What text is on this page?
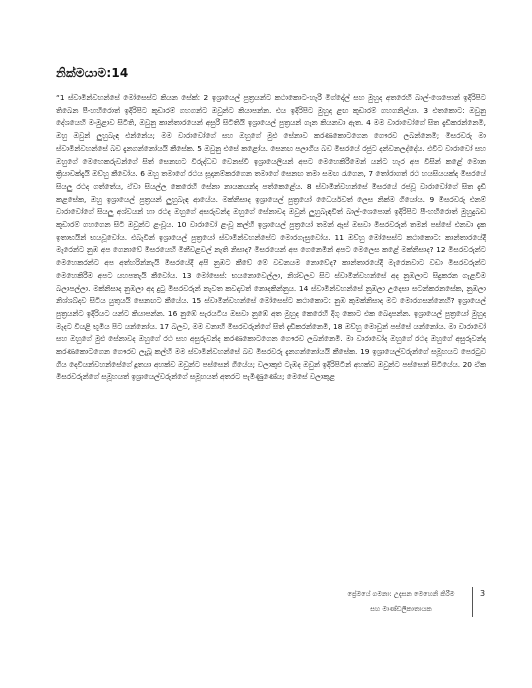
නික්මයාම:14
“1 ස්වාමින්වහන්සේ මෝසෙස්ට කියන සේක්: 2 ඉශ්‍රායෙල් පුත්‍රයන්ට කථාකොට-හැරී මිග්දෝල් සහ මුහුද අතරෙහි බාල්-ශෙපොන් ඉදිරිපිට තිබෙන පී-හහිරොත් ඉදිරිපිට කූඩාරම් ගහගන්ට ඔවුන්ට කියාපන්න. එය ඉදිරිපිට මුහුද ළඟ කූඩාරම් ගහගනිල්යා. 3 එතකොට: ඔවුනු දේශයෙහි මංමුළාව සිටිති, ඔවුනු කාන්තාරයෙන් අසුරී සිටිතියි ඉශ්‍රායෙල් පුත්‍රයන් ගැන කියනවා ඇත. 4 මම වාරාවෝගේ සිත දැඩිකරන්නෙමි, ඔහු ඔවුන් ලුහුබැඳ එන්නේය; මම වාරාවෝගේ සහ ඔහුගේ මුළු සේනාව කරණකොටගෙන ගෞරව ලබන්නෙමි; මිසරවරු මා ස්වාමීන්වහන්සේ බව දැනගන්නෝයයි කීසේක. 5 ඔවුනු එසේ කළෝය. සෙනඟ පලාගිය බව මිසරයේ රජුට දන්වනලද්දේය. එවිට වාරාවෝ සහ ඔහුගේ මෙහෙකරුවන්ගේ සිත් සෙනඟට විරුද්ධව වෙනස්වී ඉශ්‍රායෙලියන් අපට මෙහෙකිරීමෙන් යන්ට හැර අප විසින් කළේ මොන ක්‍රියාවක්දැයි ඔව්හු කීවෝය. 6 ඔහු තමාගේ රථය සූදානම්කරගෙන තමාගේ සෙනඟ තමා සමඟ රැගෙන, 7 තෝරාගත් රථ හයසියයක්ද මිසරයේ සියලු රථද ගත්තේය, ඒවා සියල්ල කෙරෙහි සේනා නායකයන්ද පත්කෙළේය. 8 ස්වාමින්වහන්සේ මිසරයේ රජවූ වාරාවෝගේ සිත දැඩි කළසේක, ඔහු ඉශ්‍රායෙල් පුත්‍රයන් ලුහුබැඳ ආයේය. මක්නිසාද ඉශ්‍රායෙල් පුත්‍රයෝ ධෛර්යවත් ලෙස නික්ම ගියෝය. 9 මිසරවරු එනම් වාරාවෝගේ සියලු අශ්වයන් හා රථද ඔහුගේ අසරුවන්ද ඔහුගේ සේනාවද ඔවුන් ලුහුබැඳවිත් බාල්-ශෙපොන් ඉදිරිපිට පී-හහිරොත් මුහුදුබඩ කූඩාරම් ගහගෙන සිටි ඔවුන්ට ළංවූය. 10 වාරාවෝ ළංවූ කල්හි ඉශ්‍රායෙල් පුත්‍රයෝ තමන් ඇස් ඔසවා මිසරවරුන් තමන් පස්සේ එනවා දැක ඉතාභයින් භයවූවෝය. එබැවින් ඉශ්‍රායෙල් පුත්‍රයෝ ස්වාමීන්වහන්සේට මොරගැසුවෝය. 11 ඔව්හු මෝසෙස්ට කථාකොට: කාන්තාරයේදී මැරෙන්ට නුඹ අප ගෙනාවේ මිසරයෙහි මිනීවළවල් නැති නිසාද? මිසරයෙන් අප ගෙනෙමින් අපට මෙලෙස කළේ මක්නිසාද? 12 මිසරවරුන්ට මෙහෙකරන්ට අප අත්හරින්නැයි මිසරයේදී අපි නුඹට කීවේ මේ වචනයම නොවේද? කාන්තාරයේදී මැරෙනවාට වඩා මිසරවරුන්ට මෙහෙකිරීම අපට යහපතැයි කීවෝය. 13 මෝසෙස්: භයනොවෙල්ලා, නිශ්චලව සිට ස්වාමින්වහන්සේ අද නුඹලාට සිදුකරන ගැළවීම බලාපල්ලා. මක්නිසාද නුඹලා අද දුටු මිසරවරුන් නැවත කවදාවත් නොදකින්නුය. 14 ස්වාමින්වහන්සේ නුඹලා උදෙසා සටන්කරනසේක, නුඹලා නිශ්ශබ්දව සිටිය යුතුයයි සෙනඟට කීයේය. 15 ස්වාමින්වහන්සේ මෝසෙස්ට කථාකොට: නුඹ කුමක්නිසාද මට මොරගසන්නෙහි? ඉශ්‍රායෙල් පුත්‍රයන්ට ඉදිරියට යන්ට කියාපන්න. 16 නුඹේ සැරයටිය ඔසවා නුඹේ අත මුහුද කෙරෙහි දිගු කොට එක බෙදාපන්න. ඉශ්‍රායෙල් පුත්‍රයෝ මුහුද මැදට වියළි භූමිය පිට යන්නෝය. 17 බලව, මම වනාහි මිසරවරුන්ගේ සිත් දැඩිකරන්නෙමි, 18 ඔව්හු මොවුන් පස්සේ යන්නෝය. මා වාරාවෝ සහ ඔහුගේ මුළු සේනාවද ඔහුගේ රථ සහ අසුරුවන්ද කරණකොටගෙන ගෞරව ලබන්නෙමි. මා වාරාවෝද ඔහුගේ රථද ඔහුගේ අසුරුවන්ද කරණකොටගෙන ගෞරව ලැබූ කල්හි මම ස්වාමීන්වහන්සේ බව මිසරවරු දැනගන්නෝයයි කීසේක. 19 ඉශ්‍රායෙල්වරුන්ගේ සමූහයට පෙරටුව ගිය දෙවියන්වහන්සේගේ දූතයා අහක්ව ඔවුන්ට පස්සෙන් ගියේය; වලාකුළු ටැඹද ඔවුන් ඉදිරිපිටින් අහක්ව ඔවුන්ට පස්සෙන් සිටියේය. 20 ඒක මිසරවරුන්ගේ සමූහයත් ඉශ්‍රායෙල්වරුන්ගේ සමූහයත් අතරට පැමිණුණේය; මෙසේ වලාකුළ
ප්‍රේමයේ ගමනා: උදැසන මෙහෙනි කිරීම
සහ මාණ්ඩලිකාතායක
3
